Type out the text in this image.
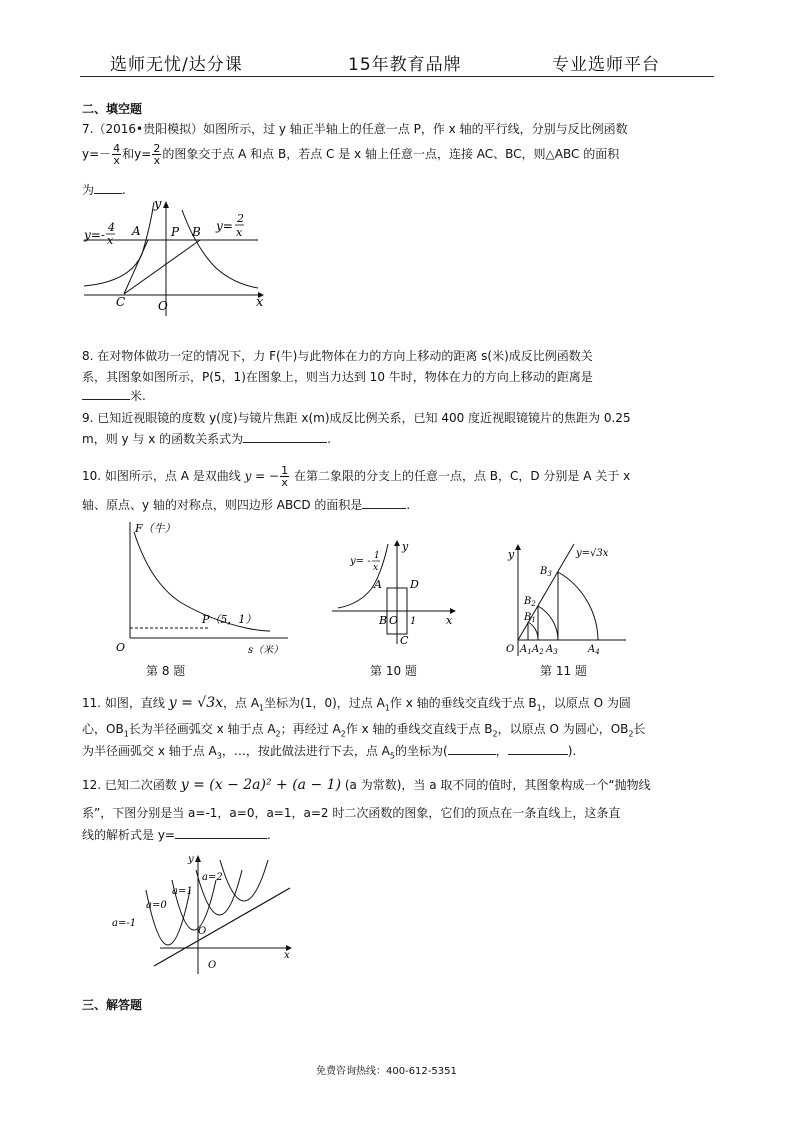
选师无忧/达分课	15年教育品牌	专业选师平台
二、填空题
7.（2016•贵阳模拟）如图所示，过 y 轴正半轴上的任意一点 P，作 x 轴的平行线，分别与反比例函数
$y=- \frac{4}{x}$ 和$y= \frac{2}{x}$ 的图象交于点 A 和点 B，若点 C 是 x 轴上任意一点，连接 AC、BC，则△ABC 的面积
为 .
y
x
A	P B
C	O
y=-
4
x
y=
2
x
8. 在对物体做功一定的情况下，力 F(牛)与此物体在力的方向上移动的距离 s(米)成反比例函数关
系，其图象如图所示，P(5，1)在图象上，则当力达到 10 牛时，物体在力的方向上移动的距离是
米.
9. 已知近视眼镜的度数 y(度)与镜片焦距 x(m)成反比例关系，已知 400 度近视眼镜镜片的焦距为 0.25
m，则 y 与 x 的函数关系式为	.
10. 如图所示，点 A 是双曲线 y = − $\frac{1}{x}$ 在第二象限的分支上的任意一点，点 B，C，D 分别是 A 关于 x
轴、原点、y 轴的对称点，则四边形 ABCD 的面积是	.
F（牛）
O
P（5，1）
s（米）
第 8 题
y
x
y= - 1
x
A	D
B O
C
1
第 10 题
y	y=√3x
$B_1$
$B_2$
$B_3$
O $A_1$ $A_2$ $A_3$	$A_4$
第 11 题
11. 如图，直线 y = √3x，点 $A_1$坐标为(1，0)，过点 $A_1$作 x 轴的垂线交直线于点 $B_1$，以原点 O 为圆
心，$OB_1$长为半径画弧交 x 轴于点 $A_2$；再经过 $A_2$作 x 轴的垂线交直线于点 $B_2$，以原点 O 为圆心，$OB_2$长
为半径画弧交 x 轴于点 $A_3$，…，按此做法进行下去，点 $A_5$的坐标为(	，	).
12. 已知二次函数 y = (x − 2a)² + (a − 1) (a 为常数)，当 a 取不同的值时，其图象构成一个“抛物线
系”，下图分别是当 a=-1，a=0，a=1，a=2 时二次函数的图象，它们的顶点在一条直线上，这条直
线的解析式是 y=	.
y
x
O
O
a=2
a=1
a=0
a=-1
三、解答题
免费咨询热线：400-612-5351
